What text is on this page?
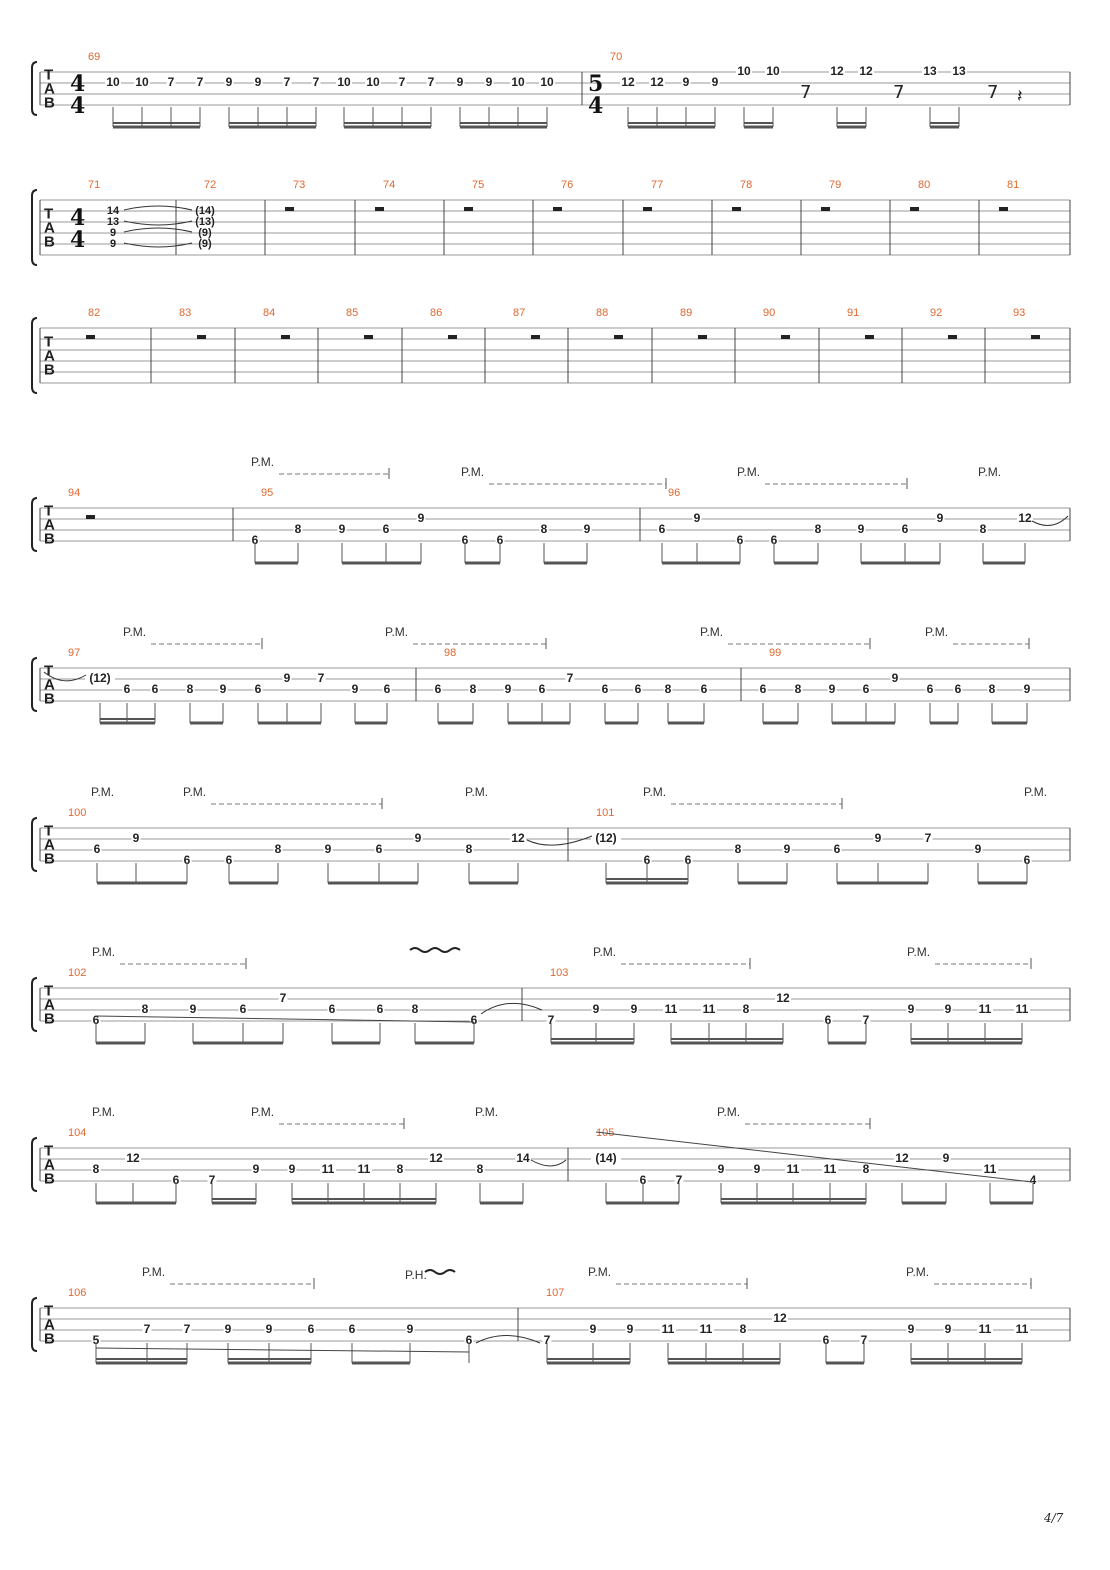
T
A
B
69	70
4
4
5
4
10 10 7 7 9 9 7 7 10 10 7 7 9 9 10 10	12 12 9 9
10 10	12 12	13 13
7	7	7 𝄽
T
A
B
71	72	73	74	75	76	77	78	79	80	81
4
4
14
13
9
9
(14)
(13)
(9)
(9)
T
A
B
82	83	84	85	86	87	88	89	90	91	92	93
T
A
B
94	95	96
6
8	9	6
9
6 6
8	9	6
9
6 6
8	9	6
9
8
12
P.M.
P.M.	P.M.	P.M.
T
A
B
97	98	99
(12)
6 6 8 9 6
9 7
9 6	6 8 9 6
7
6 6 8 6	6 8 9 6
9
6 6 8 9
P.M.	P.M.	P.M.	P.M.
T
A
B
100	101
6
9
6	6
8	9	6
9
8
12	(12)
6	6
8	9	6
9	7
9
6
P.M.	P.M.	P.M.	P.M.	P.M.
T
A
B
102	103
6
8	9	6
7
6	6 8
6	7
9	9 11 11 8
12
6	7
9	9 11 11
P.M.	P.M.	P.M.
T
A
B
104	105
8
12
6 7
9 9 11 11 8
12
8
14	(14)
6 7
9 9 11 11 8
12	9
11
4
P.M.	P.M.	P.M.	P.M.
T
A
B
106	107
5
7	7	9	9	6	6	9
6	7
9	9 11 11 8
12
6	7
9	9 11 11
P.M.	P.M.	P.M.
P.H.
4/7
